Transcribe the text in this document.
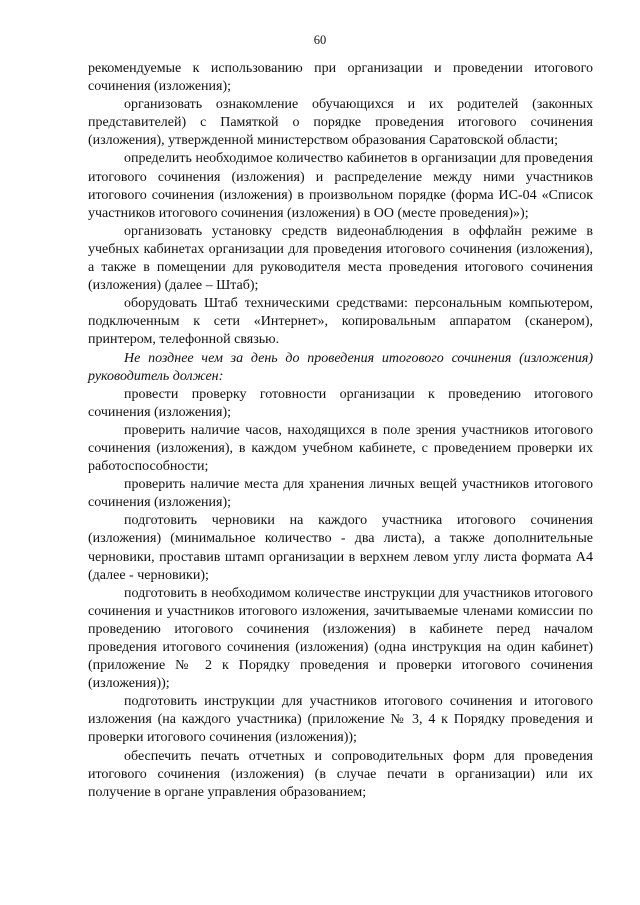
60

рекомендуемые к использованию при организации и проведении итогового сочинения (изложения);

организовать ознакомление обучающихся и их родителей (законных представителей) с Памяткой о порядке проведения итогового сочинения (изложения), утвержденной министерством образования Саратовской области;

определить необходимое количество кабинетов в организации для проведения итогового сочинения (изложения) и распределение между ними участников итогового сочинения (изложения) в произвольном порядке (форма ИС-04 «Список участников итогового сочинения (изложения) в ОО (месте проведения)»);

организовать установку средств видеонаблюдения в оффлайн режиме в учебных кабинетах организации для проведения итогового сочинения (изложения), а также в помещении для руководителя места проведения итогового сочинения (изложения) (далее – Штаб);

оборудовать Штаб техническими средствами: персональным компьютером, подключенным к сети «Интернет», копировальным аппаратом (сканером), принтером, телефонной связью.

Не позднее чем за день до проведения итогового сочинения (изложения) руководитель должен:

провести проверку готовности организации к проведению итогового сочинения (изложения);

проверить наличие часов, находящихся в поле зрения участников итогового сочинения (изложения), в каждом учебном кабинете, с проведением проверки их работоспособности;

проверить наличие места для хранения личных вещей участников итогового сочинения (изложения);

подготовить черновики на каждого участника итогового сочинения (изложения) (минимальное количество - два листа), а также дополнительные черновики, проставив штамп организации в верхнем левом углу листа формата А4 (далее - черновики);

подготовить в необходимом количестве инструкции для участников итогового сочинения и участников итогового изложения, зачитываемые членами комиссии по проведению итогового сочинения (изложения) в кабинете перед началом проведения итогового сочинения (изложения) (одна инструкция на один кабинет) (приложение № 2 к Порядку проведения и проверки итогового сочинения (изложения));

подготовить инструкции для участников итогового сочинения и итогового изложения (на каждого участника) (приложение № 3, 4 к Порядку проведения и проверки итогового сочинения (изложения));

обеспечить печать отчетных и сопроводительных форм для проведения итогового сочинения (изложения) (в случае печати в организации) или их получение в органе управления образованием;
